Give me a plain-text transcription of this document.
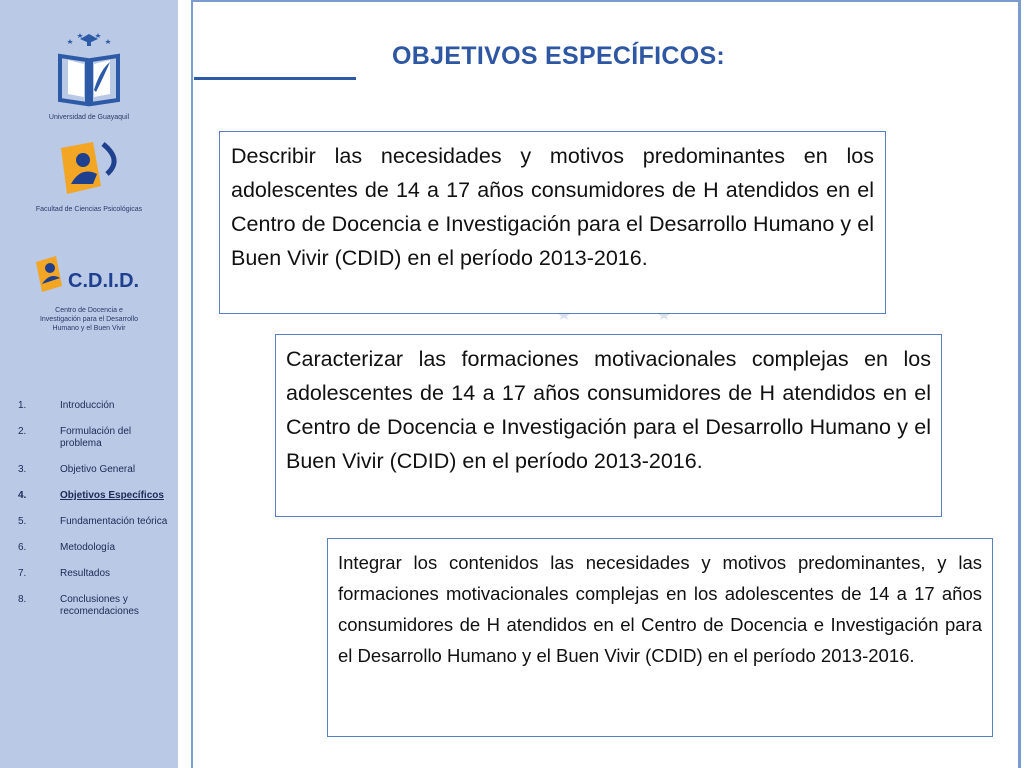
Universidad de Guayaquil
Facultad de Ciencias Psicológicas
C.D.I.D.
Centro de Docencia e Investigación para el Desarrollo Humano y el Buen Vivir
1.	Introducción
2.	Formulación del problema
3.	Objetivo General
4.	Objetivos Específicos
5.	Fundamentación teórica
6.	Metodología
7.	Resultados
8.	Conclusiones y recomendaciones
OBJETIVOS ESPECÍFICOS:
Describir las necesidades y motivos predominantes en los adolescentes de 14 a 17 años consumidores de H atendidos en el Centro de Docencia e Investigación para el Desarrollo Humano y el Buen Vivir (CDID) en el período 2013-2016.
Caracterizar las formaciones motivacionales complejas en los adolescentes de 14 a 17 años consumidores de H atendidos en el Centro de Docencia e Investigación para el Desarrollo Humano y el Buen Vivir (CDID) en el período 2013-2016.
Integrar los contenidos las necesidades y motivos predominantes, y las formaciones motivacionales complejas en los adolescentes de 14 a 17 años consumidores de H atendidos en el Centro de Docencia e Investigación para el Desarrollo Humano y el Buen Vivir (CDID) en el período 2013-2016.
